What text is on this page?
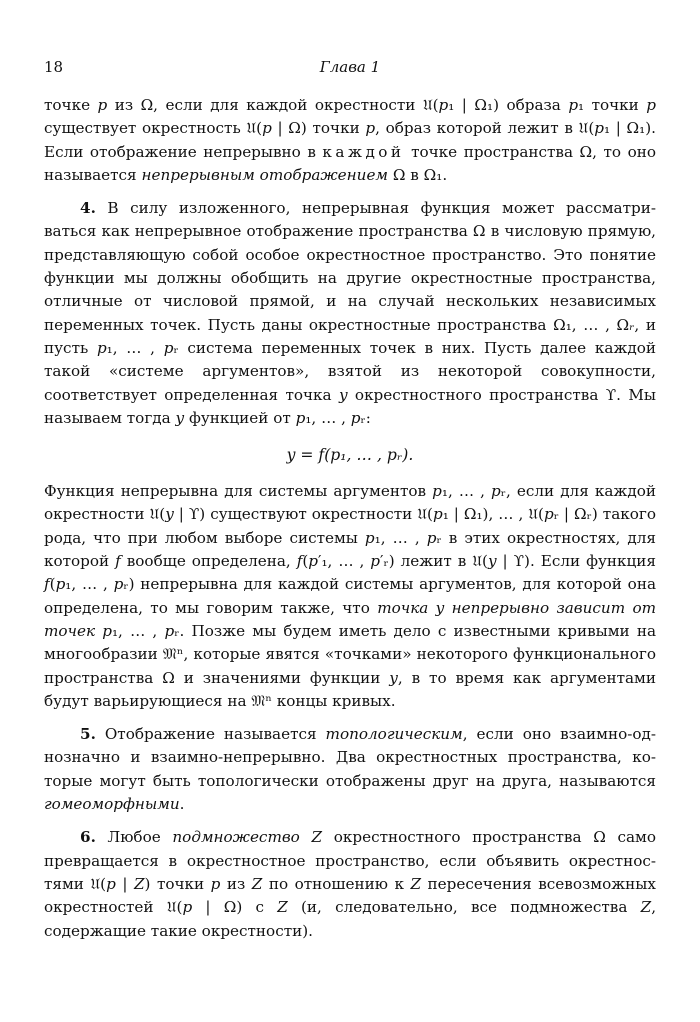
18	Глава 1

точке p из Ω, если для каждой окрестности 𝔘(p₁ | Ω₁) образа p₁ точки p существует окрестность 𝔘(p | Ω) точки p, образ которой лежит в 𝔘(p₁ | Ω₁). Если отображение непрерывно в каждой точке пространства Ω, то оно называется непрерывным отображением Ω в Ω₁.

4. В силу изложенного, непрерывная функция может рассматриваться как непрерывное отображение пространства Ω в числовую прямую, представляющую собой особое окрестностное пространство. Это понятие функции мы должны обобщить на другие окрестностные пространства, отличные от числовой прямой, и на случай нескольких независимых переменных точек. Пусть даны окрестностные пространства Ω₁, … , Ωᵣ, и пусть p₁, … , pᵣ система переменных точек в них. Пусть далее каждой такой «системе аргументов», взятой из некоторой совокупности, соответствует определенная точка y окрестностного пространства ϒ. Мы называем тогда y функцией от p₁, … , pᵣ:

y = f(p₁, … , pᵣ).

Функция непрерывна для системы аргументов p₁, … , pᵣ, если для каждой окрестности 𝔘(y | ϒ) существуют окрестности 𝔘(p₁ | Ω₁), … , 𝔘(pᵣ | Ωᵣ) такого рода, что при любом выборе системы p₁, … , pᵣ в этих окрестностях, для которой f вообще определена, f(p′₁, … , p′ᵣ) лежит в 𝔘(y | ϒ). Если функция f(p₁, … , pᵣ) непрерывна для каждой системы аргументов, для которой она определена, то мы говорим также, что точка y непрерывно зависит от точек p₁, … , pᵣ. Позже мы будем иметь дело с известными кривыми на многообразии 𝔐ⁿ, которые явятся «точками» некоторого функционального пространства Ω и значениями функции y, в то время как аргументами будут варьирующиеся на 𝔐ⁿ концы кривых.

5. Отображение называется топологическим, если оно взаимно-однозначно и взаимно-непрерывно. Два окрестностных пространства, которые могут быть топологически отображены друг на друга, называются гомеоморфными.

6. Любое подмножество Z окрестностного пространства Ω само превращается в окрестностное пространство, если объявить окрестностями 𝔘(p | Z) точки p из Z по отношению к Z пересечения всевозможных окрестностей 𝔘(p | Ω) с Z (и, следовательно, все подмножества Z, содержащие такие окрестности).
